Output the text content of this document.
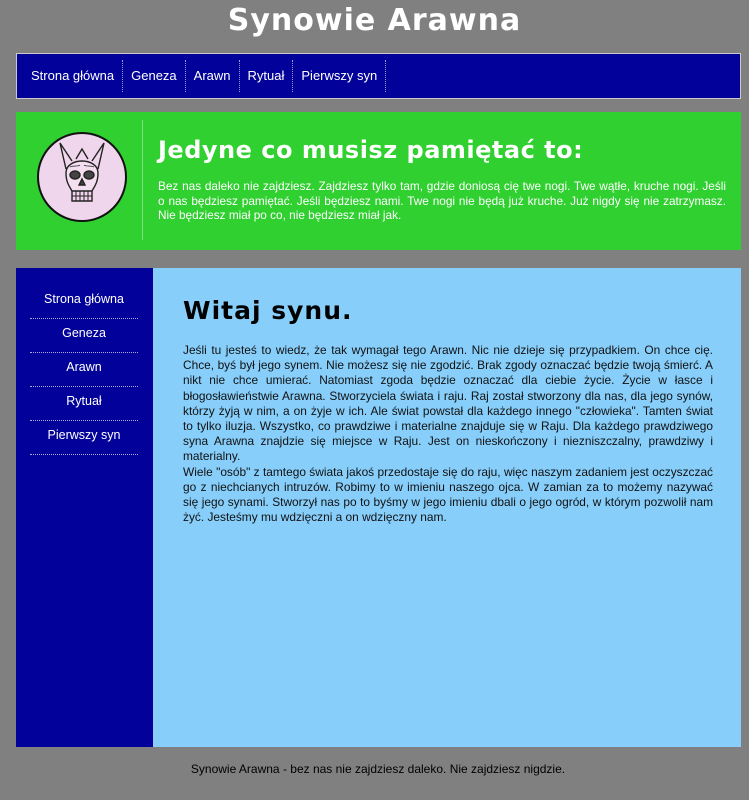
Synowie Arawna
Strona główna	Geneza	Arawn	Rytuał	Pierwszy syn
Jedyne co musisz pamiętać to:

Bez nas daleko nie zajdziesz. Zajdziesz tylko tam, gdzie doniosą cię twe nogi. Twe wątłe, kruche nogi. Jeśli o nas będziesz pamiętać. Jeśli będziesz nami. Twe nogi nie będą już kruche. Już nigdy się nie zatrzymasz. Nie będziesz miał po co, nie będziesz miał jak.

Strona główna
Geneza
Arawn
Rytuał
Pierwszy syn
Witaj synu.

Jeśli tu jesteś to wiedz, że tak wymagał tego Arawn. Nic nie dzieje się przypadkiem. On chce cię. Chce, byś był jego synem. Nie możesz się nie zgodzić. Brak zgody oznaczać będzie twoją śmierć. A nikt nie chce umierać. Natomiast zgoda będzie oznaczać dla ciebie życie. Życie w łasce i błogosławieństwie Arawna. Stworzyciela świata i raju. Raj został stworzony dla nas, dla jego synów, którzy żyją w nim, a on żyje w ich. Ale świat powstał dla każdego innego "człowieka". Tamten świat to tylko iluzja. Wszystko, co prawdziwe i materialne znajduje się w Raju. Dla każdego prawdziwego syna Arawna znajdzie się miejsce w Raju. Jest on nieskończony i niezniszczalny, prawdziwy i materialny.

Wiele "osób" z tamtego świata jakoś przedostaje się do raju, więc naszym zadaniem jest oczyszczać go z niechcianych intruzów. Robimy to w imieniu naszego ojca. W zamian za to możemy nazywać się jego synami. Stworzył nas po to byśmy w jego imieniu dbali o jego ogród, w którym pozwolił nam żyć. Jesteśmy mu wdzięczni a on wdzięczny nam.

Synowie Arawna - bez nas nie zajdziesz daleko. Nie zajdziesz nigdzie.
